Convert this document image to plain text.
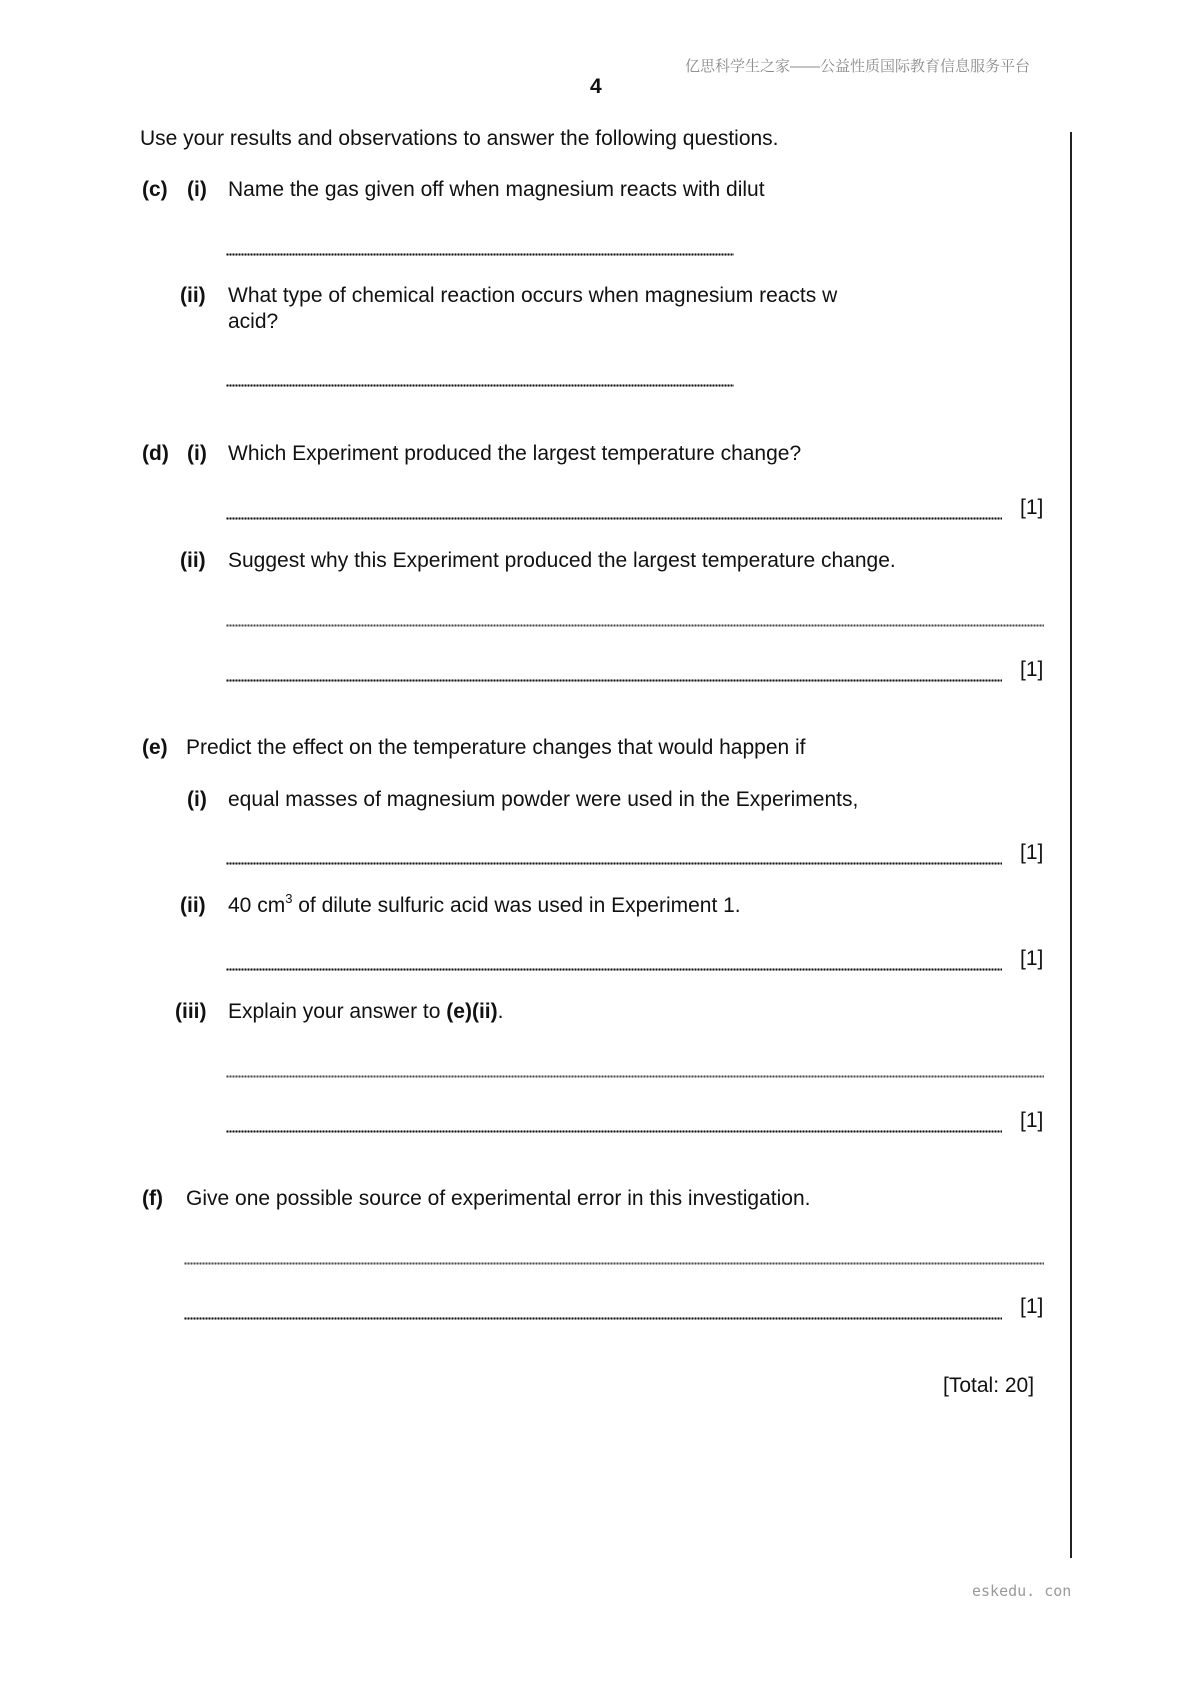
亿思科学生之家——公益性质国际教育信息服务平台
4
Use your results and observations to answer the following questions.
(c) (i) Name the gas given off when magnesium reacts with dilut
(ii) What type of chemical reaction occurs when magnesium reacts w
acid?
(d) (i) Which Experiment produced the largest temperature change?
[1]
(ii) Suggest why this Experiment produced the largest temperature change.
[1]
(e) Predict the effect on the temperature changes that would happen if
(i) equal masses of magnesium powder were used in the Experiments,
[1]
(ii) 40 $cm^3$ of dilute sulfuric acid was used in Experiment 1.
[1]
(iii) Explain your answer to (e)(ii).
[1]
(f) Give one possible source of experimental error in this investigation.
[1]
[Total: 20]
eskedu. con
